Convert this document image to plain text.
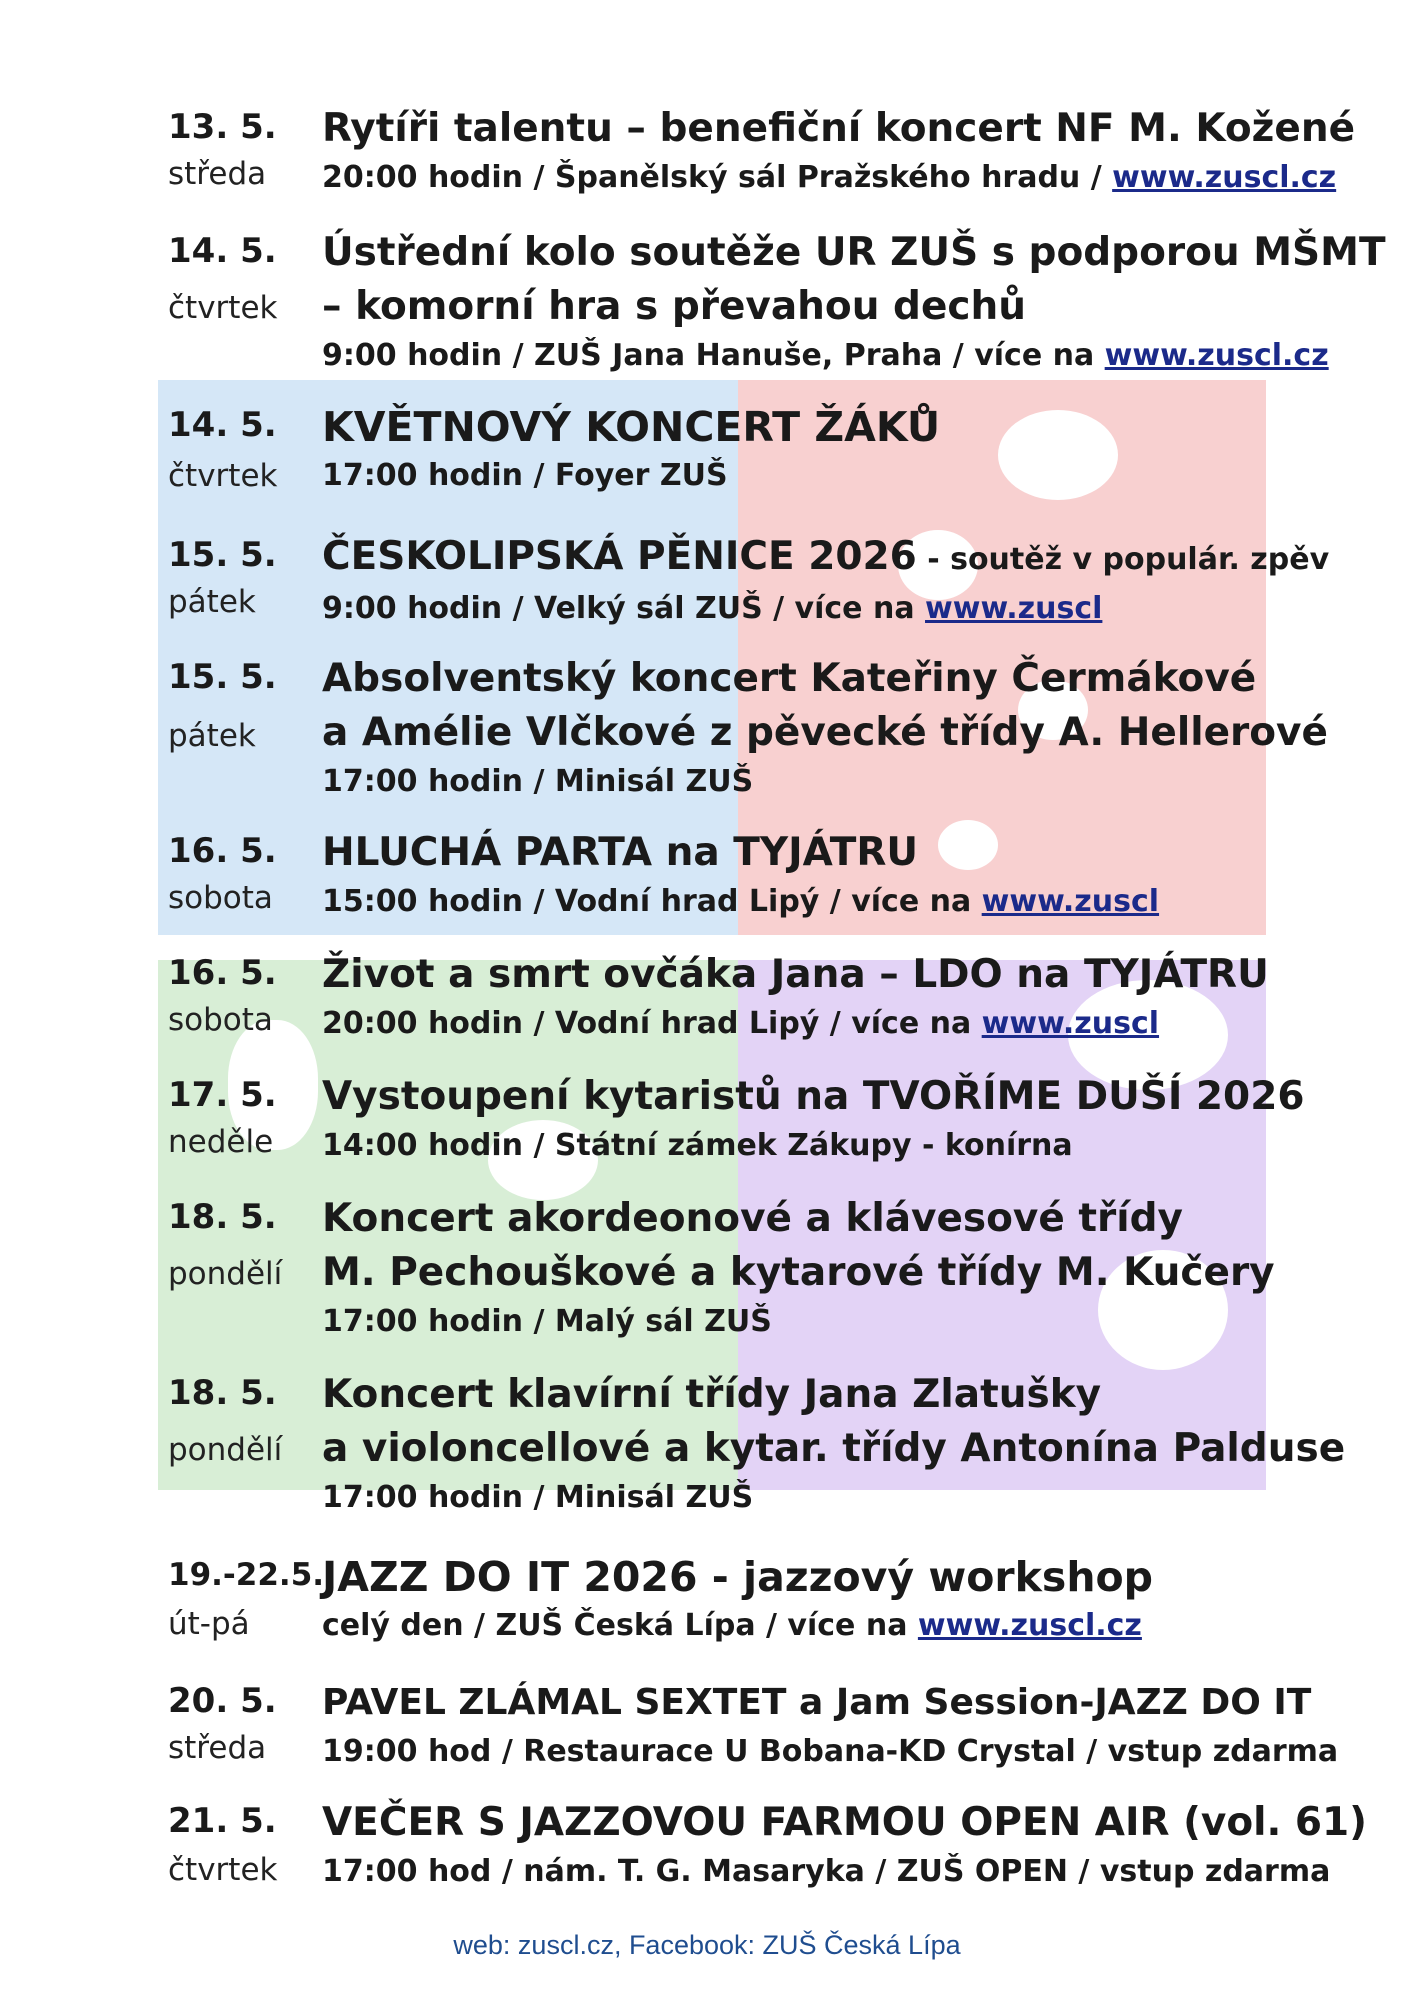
13. 5.
středa
Rytíři talentu – benefiční koncert NF M. Kožené
20:00 hodin / Španělský sál Pražského hradu / www.zuscl.cz
14. 5.
čtvrtek
Ústřední kolo soutěže UR ZUŠ s podporou MŠMT
– komorní hra s převahou dechů
9:00 hodin / ZUŠ Jana Hanuše, Praha / více na www.zuscl.cz
14. 5.
čtvrtek
KVĚTNOVÝ KONCERT ŽÁKŮ
17:00 hodin / Foyer ZUŠ
15. 5.
pátek
ČESKOLIPSKÁ PĚNICE 2026 - soutěž v populár. zpěv
9:00 hodin / Velký sál ZUŠ / více na www.zuscl
15. 5.
pátek
Absolventský koncert Kateřiny Čermákové
a Amélie Vlčkové z pěvecké třídy A. Hellerové
17:00 hodin / Minisál ZUŠ
16. 5.
sobota
HLUCHÁ PARTA na TYJÁTRU
15:00 hodin / Vodní hrad Lipý / více na www.zuscl
16. 5.
sobota
Život a smrt ovčáka Jana – LDO na TYJÁTRU
20:00 hodin / Vodní hrad Lipý / více na www.zuscl
17. 5.
neděle
Vystoupení kytaristů na TVOŘÍME DUŠÍ 2026
14:00 hodin / Státní zámek Zákupy - konírna
18. 5.
pondělí
Koncert akordeonové a klávesové třídy
M. Pechouškové a kytarové třídy M. Kučery
17:00 hodin / Malý sál ZUŠ
18. 5.
pondělí
Koncert klavírní třídy Jana Zlatušky
a violoncellové a kytar. třídy Antonína Palduse
17:00 hodin / Minisál ZUŠ
19.-22.5.
út-pá
JAZZ DO IT 2026 - jazzový workshop
celý den / ZUŠ Česká Lípa / více na www.zuscl.cz
20. 5.
středa
PAVEL ZLÁMAL SEXTET a Jam Session-JAZZ DO IT
19:00 hod / Restaurace U Bobana-KD Crystal / vstup zdarma
21. 5.
čtvrtek
VEČER S JAZZOVOU FARMOU OPEN AIR (vol. 61)
17:00 hod / nám. T. G. Masaryka / ZUŠ OPEN / vstup zdarma
web: zuscl.cz, Facebook: ZUŠ Česká Lípa
